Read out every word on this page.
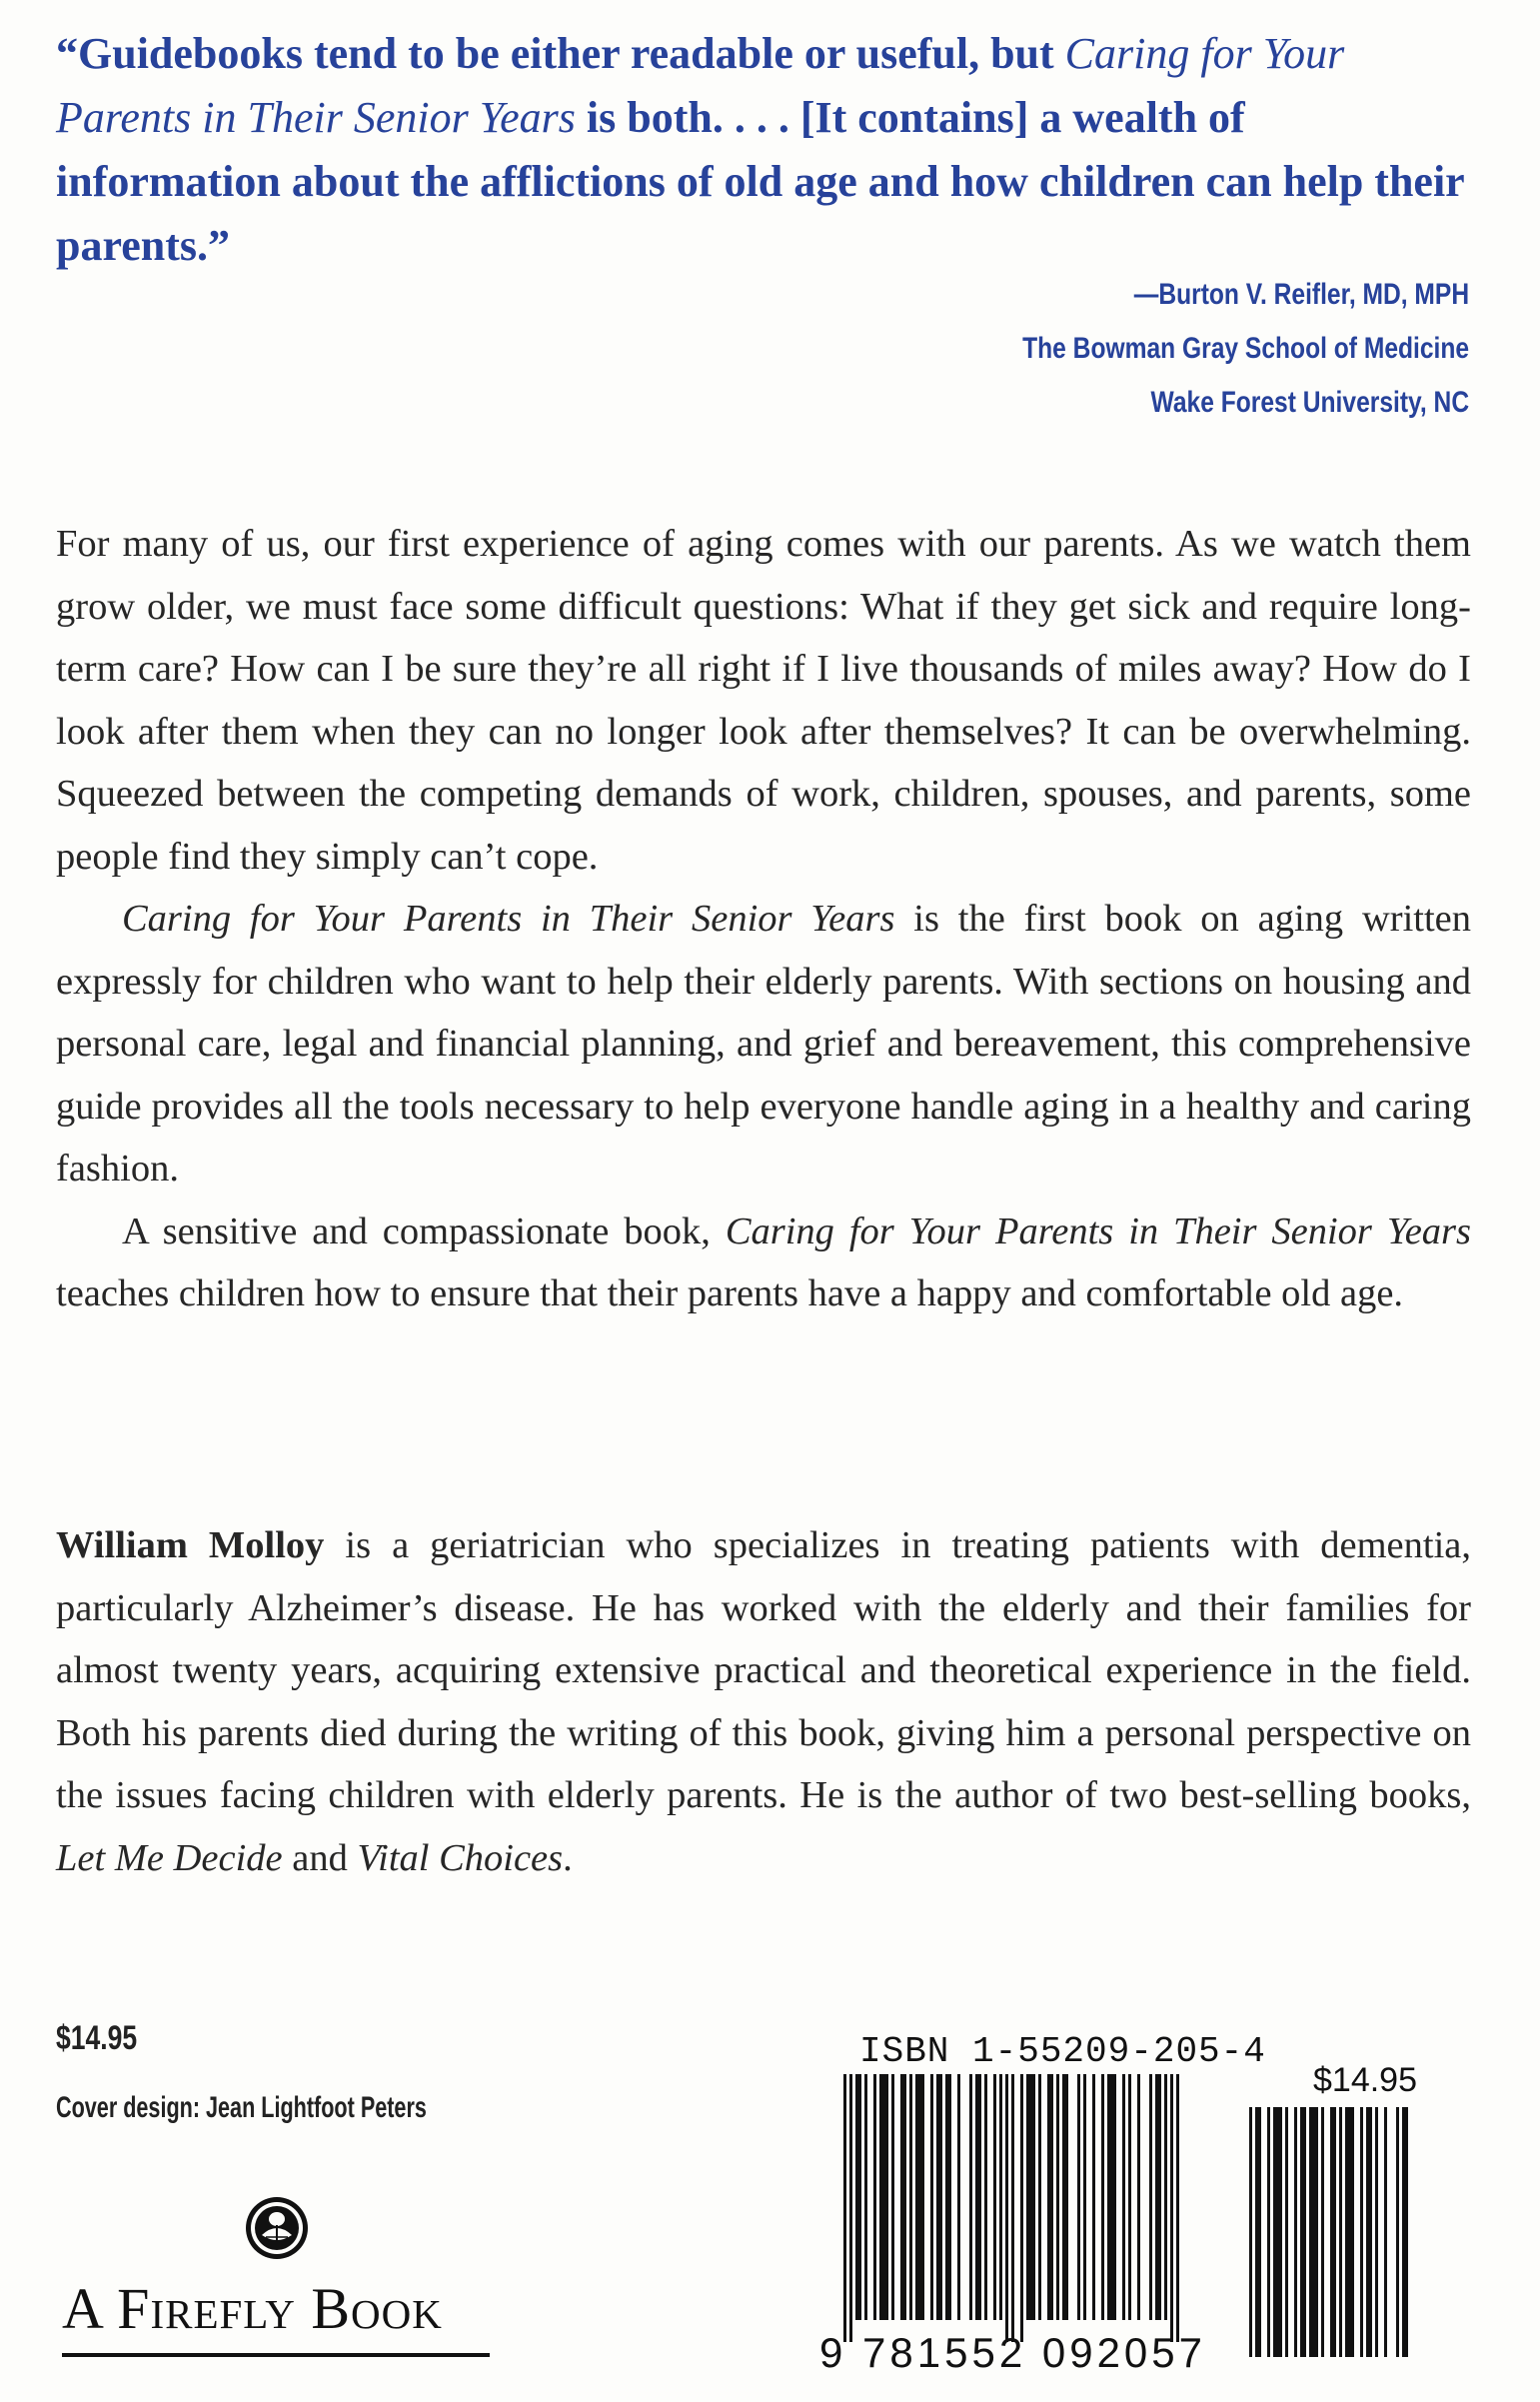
“Guidebooks tend to be either readable or useful, but Caring for Your Parents in Their Senior Years is both. . . . [It contains] a wealth of information about the afflictions of old age and how children can help their parents.”

—Burton V. Reifler, MD, MPH
The Bowman Gray School of Medicine
Wake Forest University, NC

For many of us, our first experience of aging comes with our parents. As we watch them grow older, we must face some difficult questions: What if they get sick and require long-term care? How can I be sure they’re all right if I live thousands of miles away? How do I look after them when they can no longer look after themselves? It can be overwhelming. Squeezed between the competing demands of work, children, spouses, and parents, some people find they simply can’t cope.

Caring for Your Parents in Their Senior Years is the first book on aging written expressly for children who want to help their elderly parents. With sections on housing and personal care, legal and financial planning, and grief and bereavement, this comprehensive guide provides all the tools necessary to help everyone handle aging in a healthy and caring fashion.

A sensitive and compassionate book, Caring for Your Parents in Their Senior Years teaches children how to ensure that their parents have a happy and comfortable old age.

William Molloy is a geriatrician who specializes in treating patients with dementia, particularly Alzheimer’s disease. He has worked with the elderly and their families for almost twenty years, acquiring extensive practical and theoretical experience in the field. Both his parents died during the writing of this book, giving him a personal perspective on the issues facing children with elderly parents. He is the author of two best-selling books, Let Me Decide and Vital Choices.

$14.95
Cover design: Jean Lightfoot Peters
A Firefly Book
ISBN 1-55209-205-4
9 781552 092057
$14.95
